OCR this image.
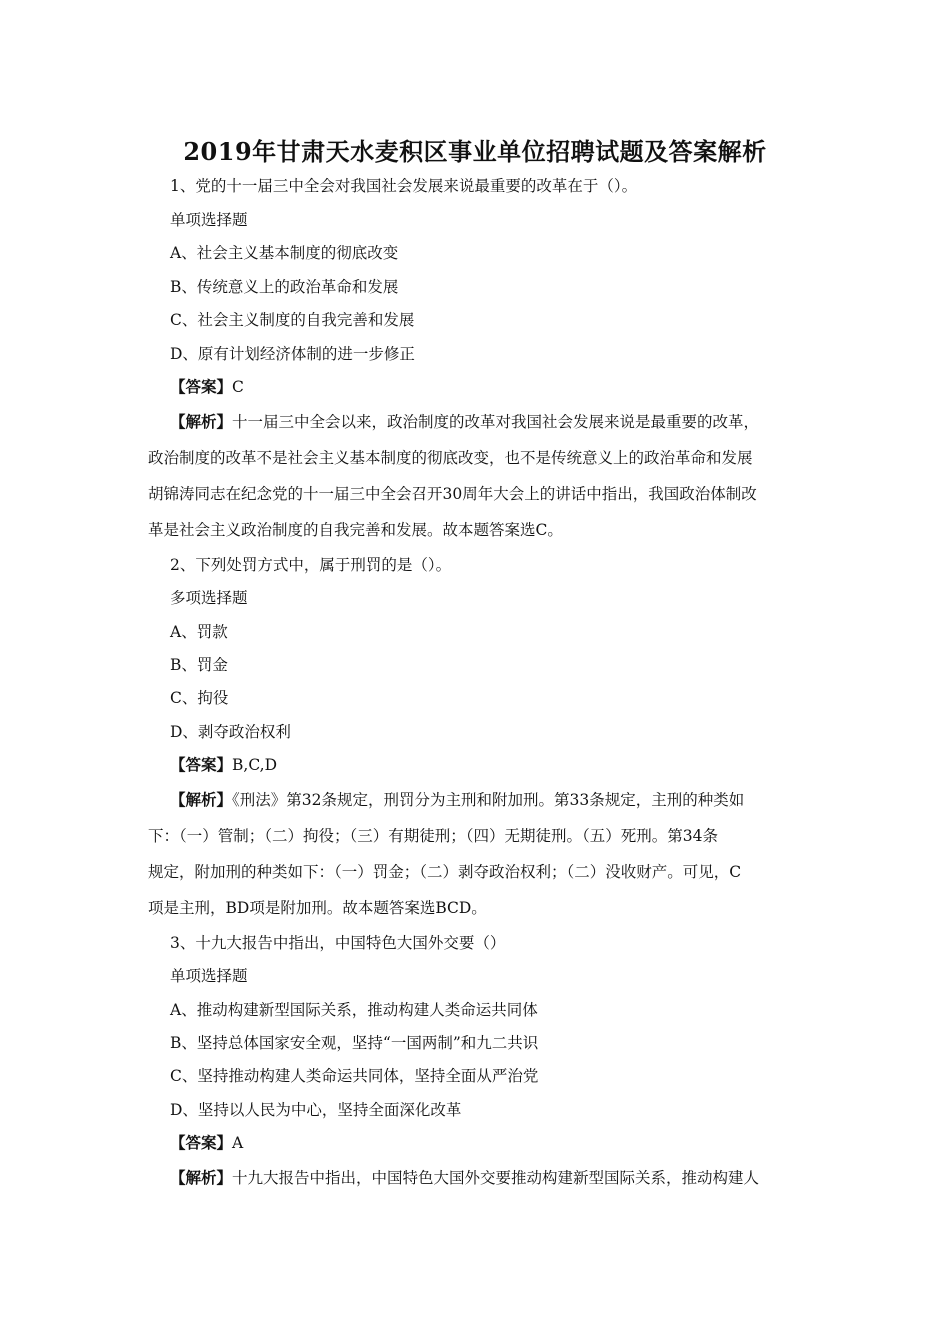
2019年甘肃天水麦积区事业单位招聘试题及答案解析
1、党的十一届三中全会对我国社会发展来说最重要的改革在于（）。
单项选择题
A、社会主义基本制度的彻底改变
B、传统意义上的政治革命和发展
C、社会主义制度的自我完善和发展
D、原有计划经济体制的进一步修正
【答案】C
【解析】十一届三中全会以来，政治制度的改革对我国社会发展来说是最重要的改革，
政治制度的改革不是社会主义基本制度的彻底改变，也不是传统意义上的政治革命和发展
胡锦涛同志在纪念党的十一届三中全会召开30周年大会上的讲话中指出，我国政治体制改
革是社会主义政治制度的自我完善和发展。故本题答案选C。
2、下列处罚方式中，属于刑罚的是（）。
多项选择题
A、罚款
B、罚金
C、拘役
D、剥夺政治权利
【答案】B,C,D
【解析】《刑法》第32条规定，刑罚分为主刑和附加刑。第33条规定，主刑的种类如
下：（一）管制；（二）拘役；（三）有期徒刑；（四）无期徒刑。（五）死刑。第34条
规定，附加刑的种类如下：（一）罚金；（二）剥夺政治权利；（二）没收财产。可见，C
项是主刑，BD项是附加刑。故本题答案选BCD。
3、十九大报告中指出，中国特色大国外交要（）
单项选择题
A、推动构建新型国际关系，推动构建人类命运共同体
B、坚持总体国家安全观，坚持“一国两制”和九二共识
C、坚持推动构建人类命运共同体，坚持全面从严治党
D、坚持以人民为中心，坚持全面深化改革
【答案】A
【解析】十九大报告中指出，中国特色大国外交要推动构建新型国际关系，推动构建人
